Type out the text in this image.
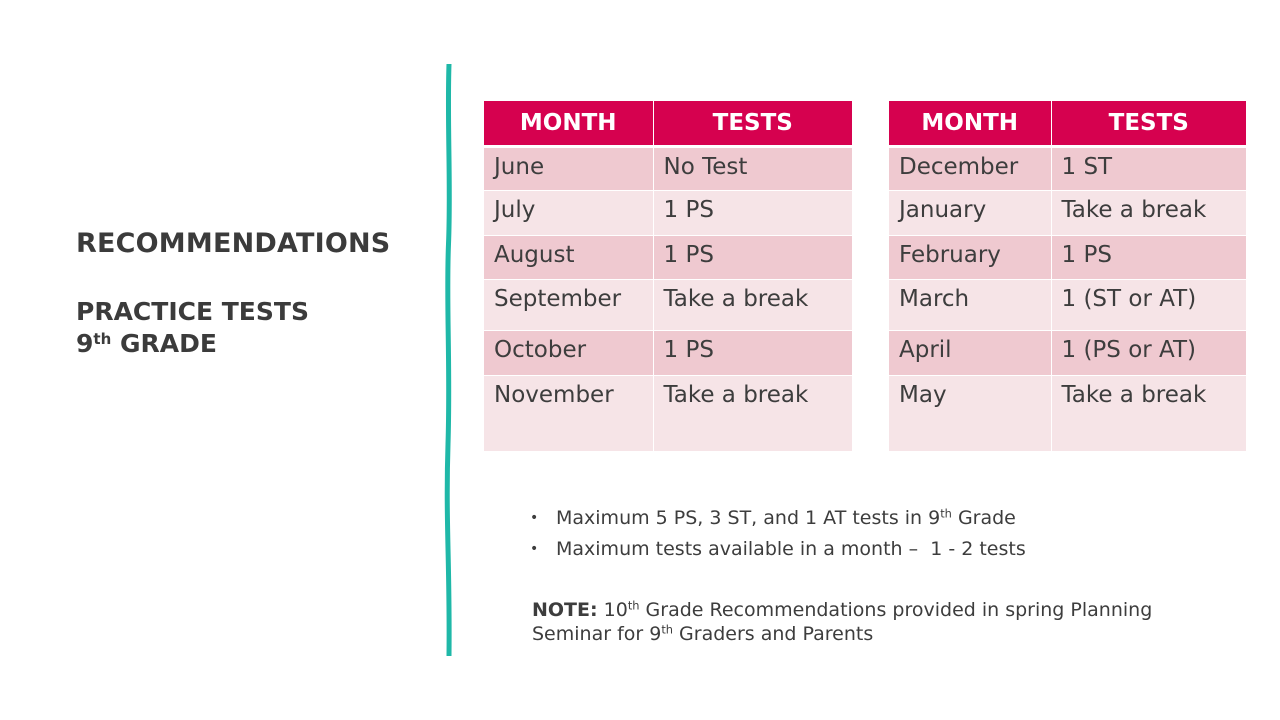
RECOMMENDATIONS
PRACTICE TESTS
9th GRADE
MONTH	TESTS
June	No Test
July	1 PS
August	1 PS
September	Take a break
October	1 PS
November	Take a break
MONTH	TESTS
December	1 ST
January	Take a break
February	1 PS
March	1 (ST or AT)
April	1 (PS or AT)
May	Take a break
• Maximum 5 PS, 3 ST, and 1 AT tests in 9th Grade
• Maximum tests available in a month –  1 - 2 tests
NOTE: 10th Grade Recommendations provided in spring Planning Seminar for 9th Graders and Parents
